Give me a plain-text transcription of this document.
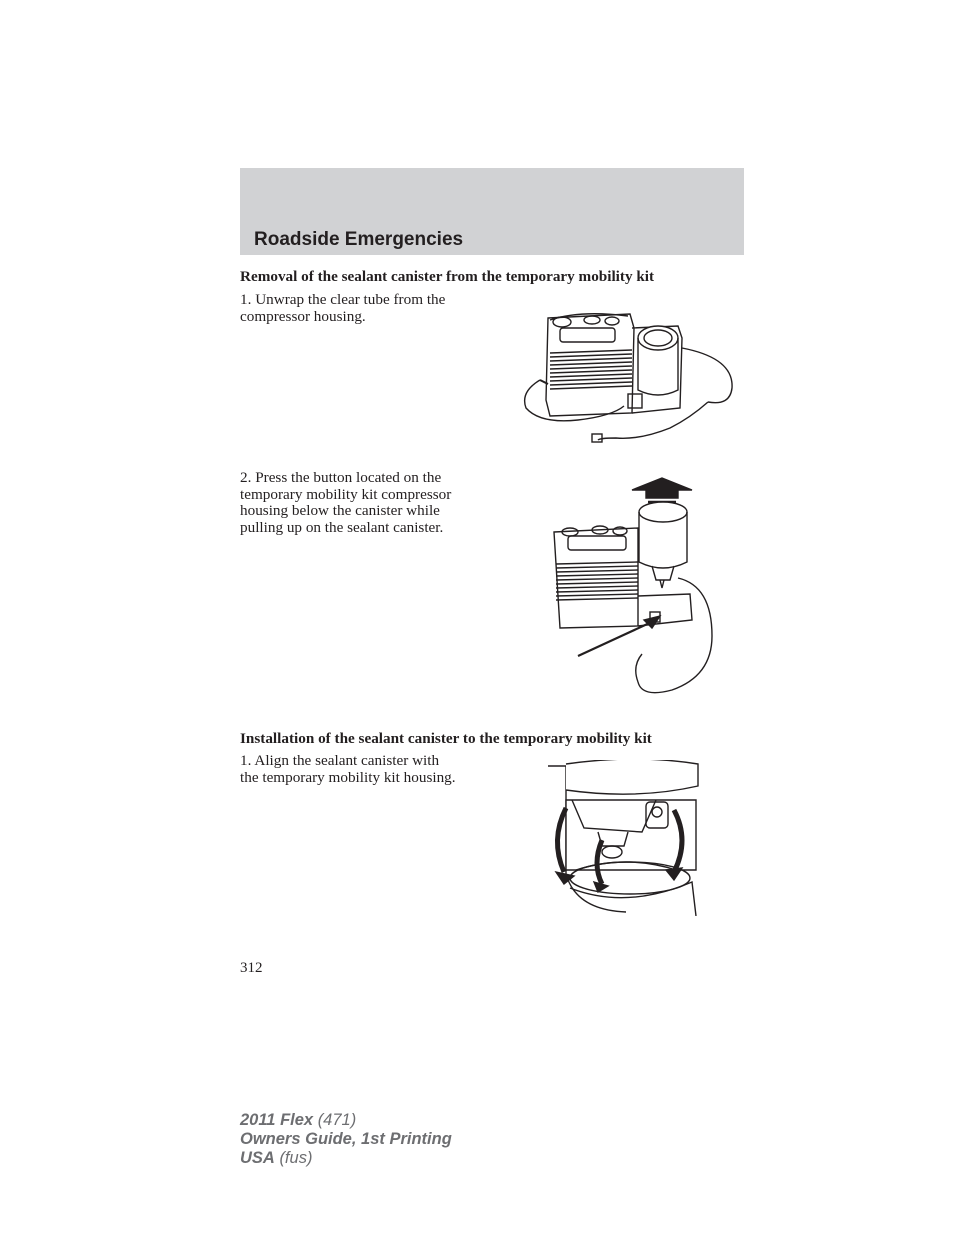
Roadside Emergencies
Removal of the sealant canister from the temporary mobility kit
1. Unwrap the clear tube from the
compressor housing.
2. Press the button located on the
temporary mobility kit compressor
housing below the canister while
pulling up on the sealant canister.
Installation of the sealant canister to the temporary mobility kit
1. Align the sealant canister with
the temporary mobility kit housing.
312
2011 Flex (471)
Owners Guide, 1st Printing
USA (fus)
